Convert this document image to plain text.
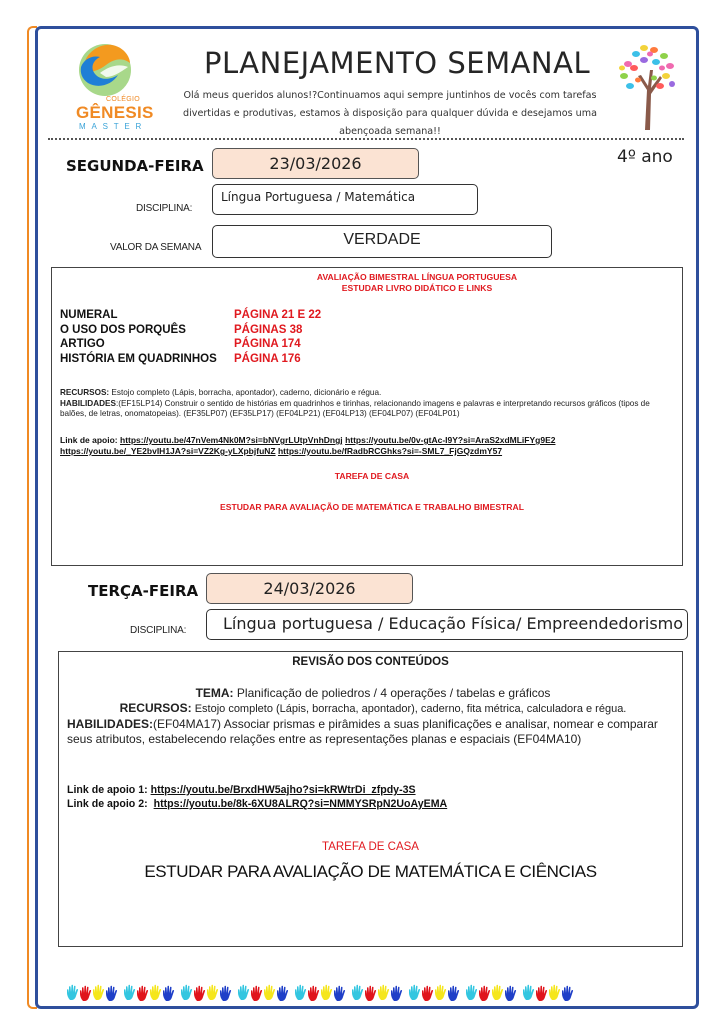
COLÉGIO
GÊNESIS
MASTER
PLANEJAMENTO SEMANAL
Olá meus queridos alunos!?Continuamos aqui sempre juntinhos de vocês com tarefas
divertidas e produtivas, estamos à disposição para qualquer dúvida e desejamos uma
abençoada semana!!
4º ano
SEGUNDA-FEIRA	23/03/2026
DISCIPLINA:
Língua Portuguesa / Matemática
VALOR DA SEMANA	VERDADE
AVALIAÇÃO BIMESTRAL LÍNGUA PORTUGUESA
ESTUDAR LIVRO DIDÁTICO E LINKS
NUMERAL	PÁGINA 21 E 22
O USO DOS PORQUÊS	PÁGINAS 38
ARTIGO	PÁGINA 174
HISTÓRIA EM QUADRINHOS	PÁGINA 176
RECURSOS: Estojo completo (Lápis, borracha, apontador), caderno, dicionário e régua.
HABILIDADES:(EF15LP14) Construir o sentido de histórias em quadrinhos e tirinhas, relacionando imagens e palavras e interpretando recursos gráficos (tipos de balões, de letras, onomatopeias). (EF35LP07) (EF35LP17) (EF04LP21) (EF04LP13) (EF04LP07) (EF04LP01)
Link de apoio: https://youtu.be/47nVem4Nk0M?si=bNVgrLUtpVnhDngj https://youtu.be/0v-gtAc-I9Y?si=AraS2xdMLiFYg9E2 https://youtu.be/_YE2bvIH1JA?si=VZ2Kg-yLXpbjfuNZ https://youtu.be/fRadbRCGhks?si=-SML7_FjGQzdmY57
TAREFA DE CASA
ESTUDAR PARA AVALIAÇÃO DE MATEMÁTICA E TRABALHO BIMESTRAL
TERÇA-FEIRA	24/03/2026
DISCIPLINA:	Língua portuguesa / Educação Física/ Empreendedorismo
REVISÃO DOS CONTEÚDOS
TEMA: Planificação de poliedros / 4 operações / tabelas e gráficos
RECURSOS: Estojo completo (Lápis, borracha, apontador), caderno, fita métrica, calculadora e régua.
HABILIDADES:(EF04MA17) Associar prismas e pirâmides a suas planificações e analisar, nomear e comparar seus atributos, estabelecendo relações entre as representações planas e espaciais (EF04MA10)
Link de apoio 1: https://youtu.be/BrxdHW5ajho?si=kRWtrDi_zfpdy-3S
Link de apoio 2: https://youtu.be/8k-6XU8ALRQ?si=NMMYSRpN2UoAyEMA
TAREFA DE CASA
ESTUDAR PARA AVALIAÇÃO DE MATEMÁTICA E CIÊNCIAS
